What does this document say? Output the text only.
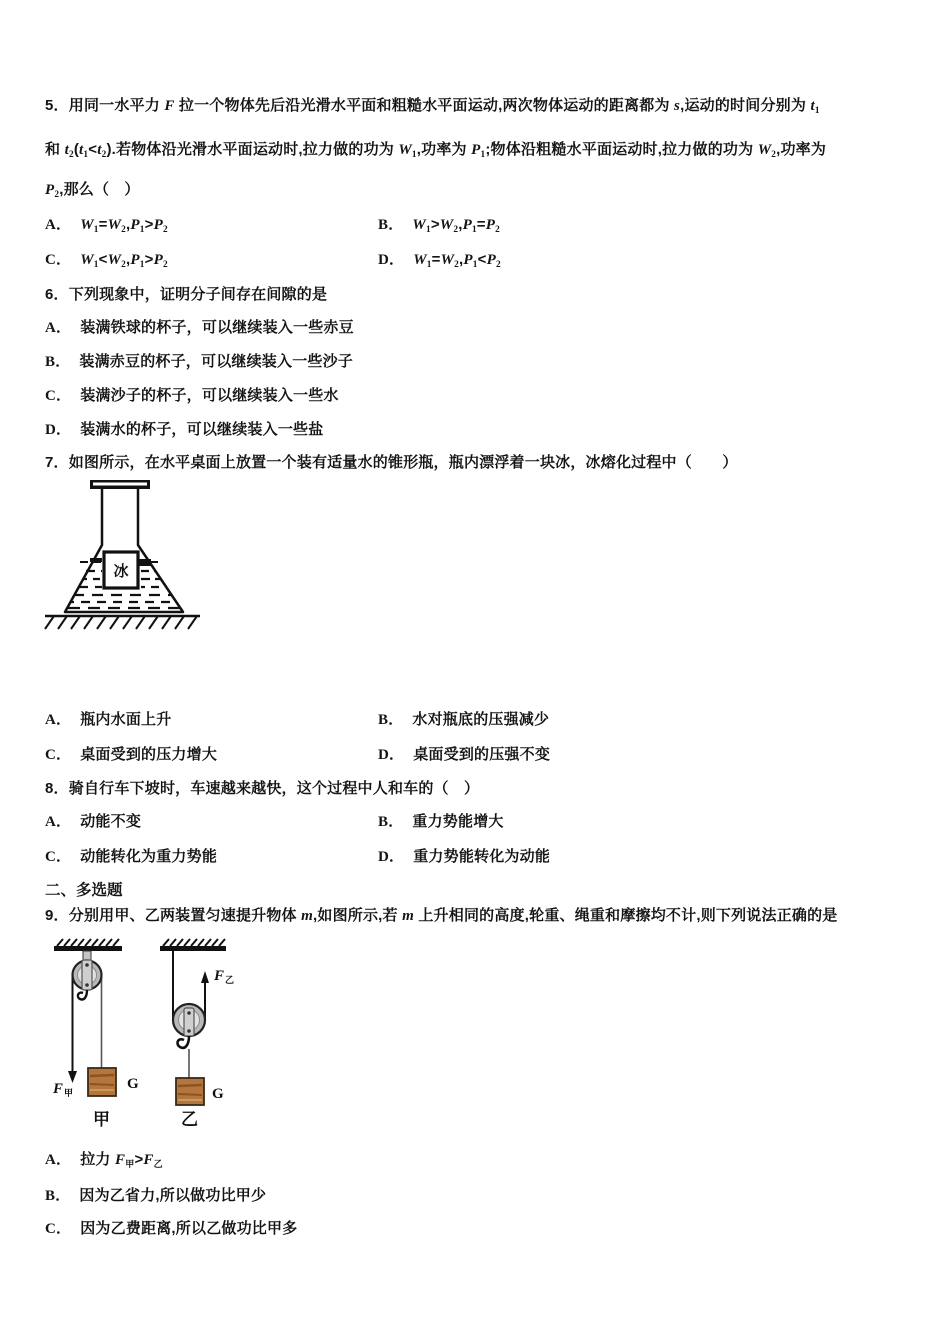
5．用同一水平力 F 拉一个物体先后沿光滑水平面和粗糙水平面运动,两次物体运动的距离都为 s,运动的时间分别为 $t_1$
和 $t_2(t_1<t_2)$.若物体沿光滑水平面运动时,拉力做的功为 $W_1$,功率为 $P_1$;物体沿粗糙水平面运动时,拉力做的功为 $W_2$,功率为
$P_2$,那么（　）
A． $W_1=W_2,P_1>P_2$	B． $W_1>W_2,P_1=P_2$
C． $W_1<W_2,P_1>P_2$	D． $W_1=W_2,P_1<P_2$
6．下列现象中，证明分子间存在间隙的是
A． 装满铁球的杯子，可以继续装入一些赤豆
B． 装满赤豆的杯子，可以继续装入一些沙子
C． 装满沙子的杯子，可以继续装入一些水
D． 装满水的杯子，可以继续装入一些盐
7．如图所示，在水平桌面上放置一个装有适量水的锥形瓶，瓶内漂浮着一块冰，冰熔化过程中（　　）
冰
A． 瓶内水面上升	B． 水对瓶底的压强减少
C． 桌面受到的压力增大	D． 桌面受到的压强不变
8．骑自行车下坡时，车速越来越快，这个过程中人和车的（　）
A． 动能不变	B． 重力势能增大
C． 动能转化为重力势能	D． 重力势能转化为动能
二、多选题
9．分别用甲、乙两装置匀速提升物体 m,如图所示,若 m 上升相同的高度,轮重、绳重和摩擦均不计,则下列说法正确的是
F 甲
G
甲
F 乙
G
乙
A． 拉力 $F_甲>F_乙$
B． 因为乙省力,所以做功比甲少
C． 因为乙费距离,所以乙做功比甲多
